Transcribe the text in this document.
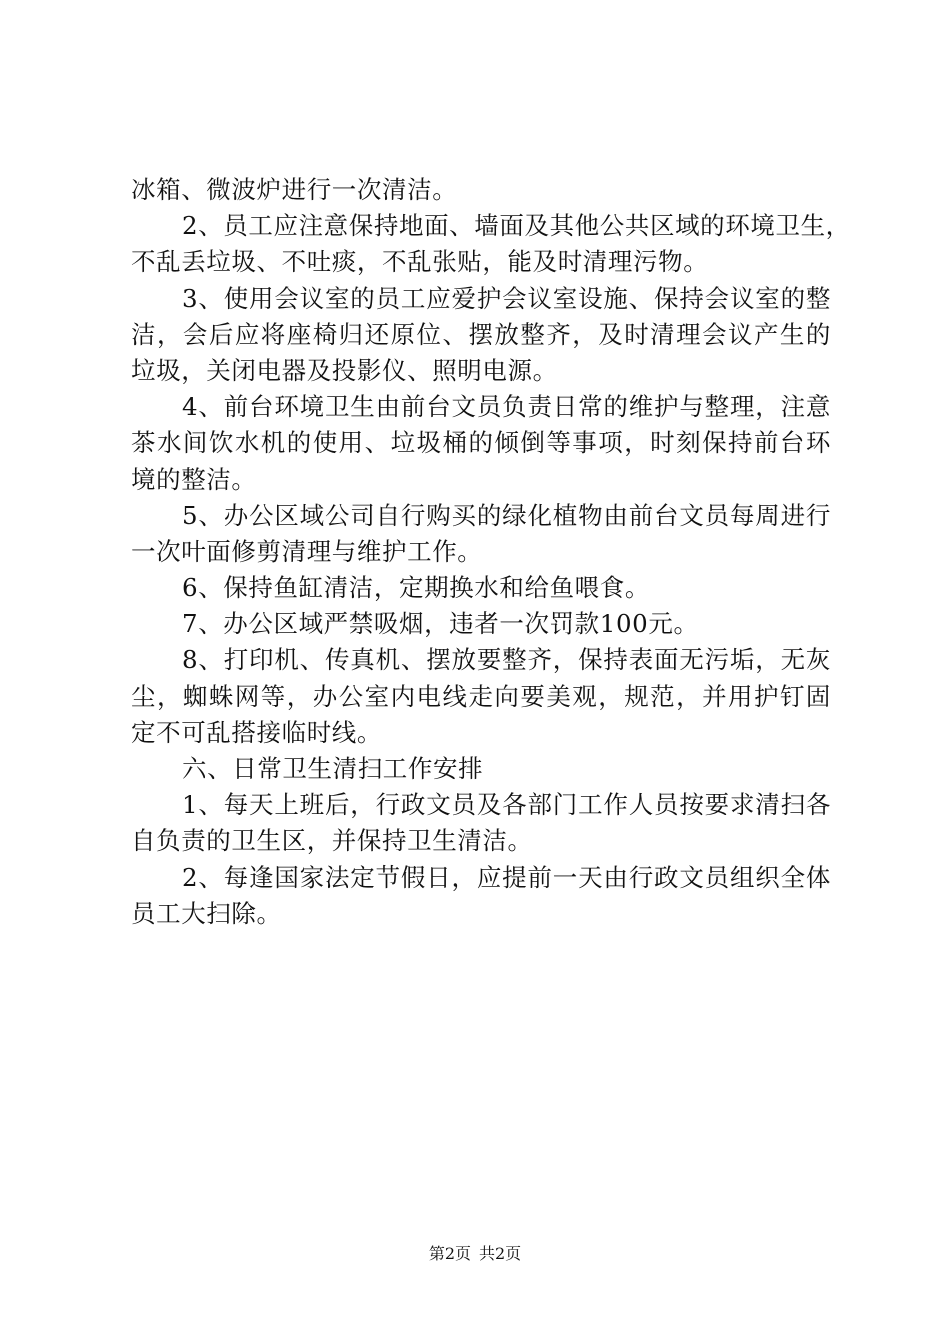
冰箱、微波炉进行一次清洁。
2、员工应注意保持地面、墙面及其他公共区域的环境卫生，
不乱丢垃圾、不吐痰，不乱张贴，能及时清理污物。
3、使用会议室的员工应爱护会议室设施、保持会议室的整
洁，会后应将座椅归还原位、摆放整齐，及时清理会议产生的
垃圾，关闭电器及投影仪、照明电源。
4、前台环境卫生由前台文员负责日常的维护与整理，注意
茶水间饮水机的使用、垃圾桶的倾倒等事项，时刻保持前台环
境的整洁。
5、办公区域公司自行购买的绿化植物由前台文员每周进行
一次叶面修剪清理与维护工作。
6、保持鱼缸清洁，定期换水和给鱼喂食。
7、办公区域严禁吸烟，违者一次罚款100元。
8、打印机、传真机、摆放要整齐，保持表面无污垢，无灰
尘，蜘蛛网等，办公室内电线走向要美观，规范，并用护钉固
定不可乱搭接临时线。
六、日常卫生清扫工作安排
1、每天上班后，行政文员及各部门工作人员按要求清扫各
自负责的卫生区，并保持卫生清洁。
2、每逢国家法定节假日，应提前一天由行政文员组织全体
员工大扫除。
第2页 共2页
